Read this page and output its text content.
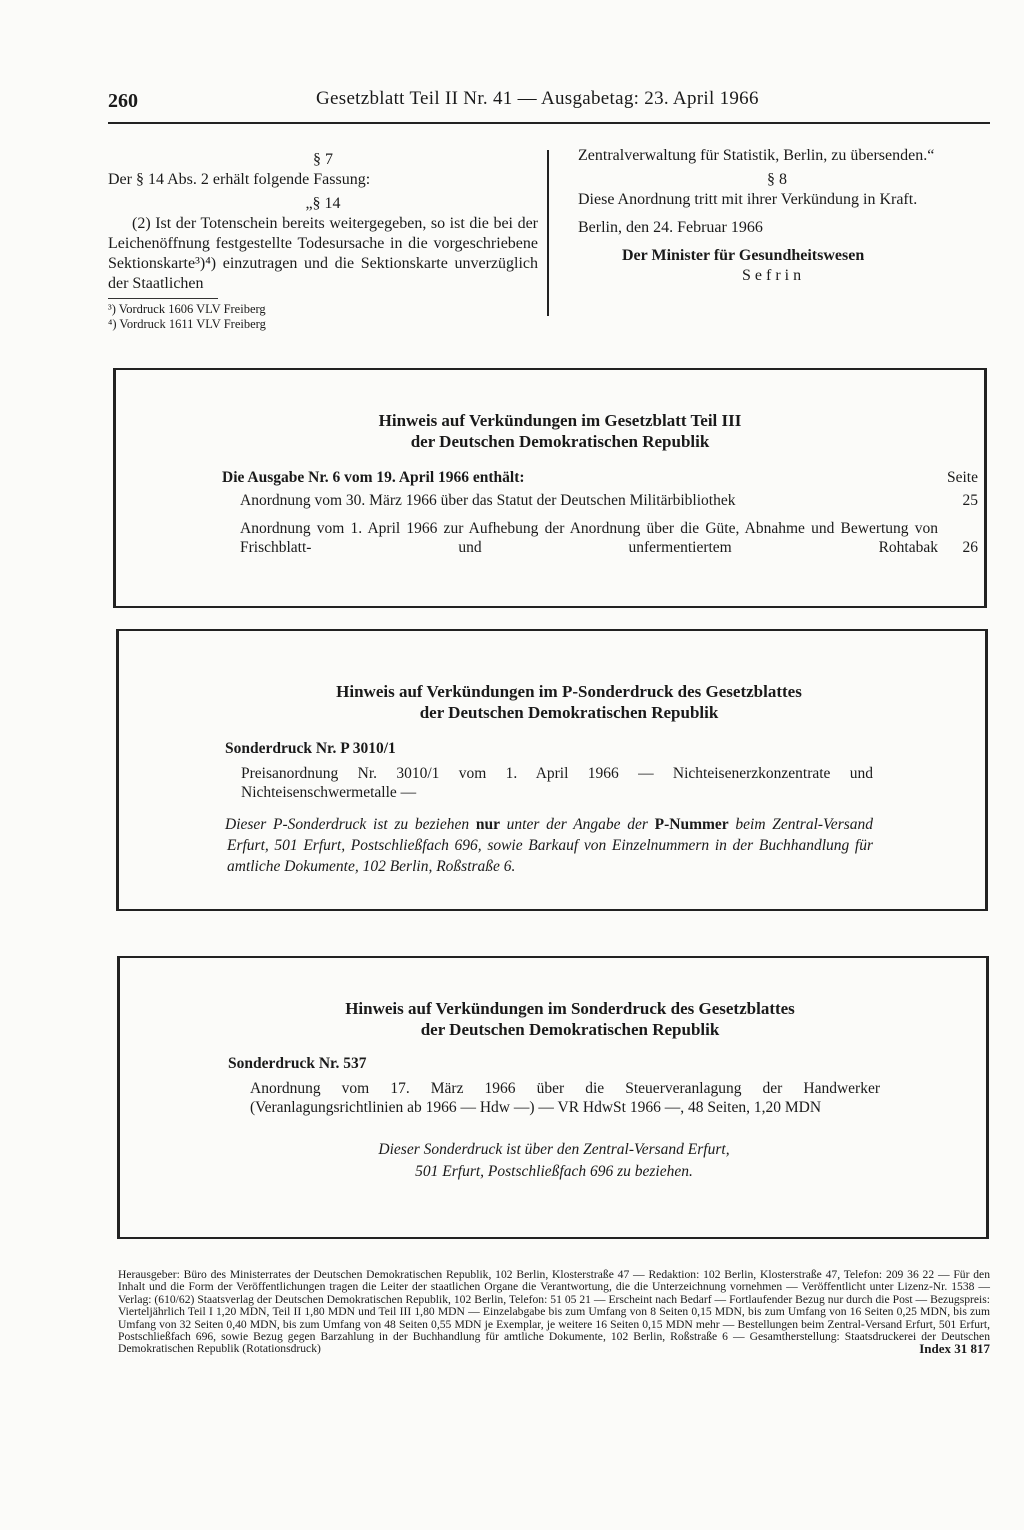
260	Gesetzblatt Teil II Nr. 41 — Ausgabetag: 23. April 1966
§ 7
Der § 14 Abs. 2 erhält folgende Fassung:
„§ 14
(2) Ist der Totenschein bereits weitergegeben, so ist die bei der Leichenöffnung festgestellte Todesursache in die vorgeschriebene Sektionskarte³)⁴) einzutragen und die Sektionskarte unverzüglich der Staatlichen
³) Vordruck 1606 VLV Freiberg
⁴) Vordruck 1611 VLV Freiberg
Zentralverwaltung für Statistik, Berlin, zu übersenden.“
§ 8
Diese Anordnung tritt mit ihrer Verkündung in Kraft.
Berlin, den 24. Februar 1966
Der Minister für Gesundheitswesen
Sefrin
Hinweis auf Verkündungen im Gesetzblatt Teil III
der Deutschen Demokratischen Republik
Die Ausgabe Nr. 6 vom 19. April 1966 enthält:	Seite
Anordnung vom 30. März 1966 über das Statut der Deutschen Militärbibliothek	25
Anordnung vom 1. April 1966 zur Aufhebung der Anordnung über die Güte, Abnahme und Bewertung von Frischblatt- und unfermentiertem Rohtabak	26
Hinweis auf Verkündungen im P-Sonderdruck des Gesetzblattes
der Deutschen Demokratischen Republik
Sonderdruck Nr. P 3010/1
Preisanordnung Nr. 3010/1 vom 1. April 1966 — Nichteisenerzkonzentrate und Nichteisenschwermetalle —
Dieser P-Sonderdruck ist zu beziehen nur unter der Angabe der P-Nummer beim Zentral-Versand Erfurt, 501 Erfurt, Postschließfach 696, sowie Barkauf von Einzelnummern in der Buchhandlung für amtliche Dokumente, 102 Berlin, Roßstraße 6.
Hinweis auf Verkündungen im Sonderdruck des Gesetzblattes
der Deutschen Demokratischen Republik
Sonderdruck Nr. 537
Anordnung vom 17. März 1966 über die Steuerveranlagung der Handwerker (Veranlagungsrichtlinien ab 1966 — Hdw —) — VR HdwSt 1966 —, 48 Seiten, 1,20 MDN
Dieser Sonderdruck ist über den Zentral-Versand Erfurt,
501 Erfurt, Postschließfach 696 zu beziehen.
Herausgeber: Büro des Ministerrates der Deutschen Demokratischen Republik, 102 Berlin, Klosterstraße 47 — Redaktion: 102 Berlin, Klosterstraße 47, Telefon: 209 36 22 — Für den Inhalt und die Form der Veröffentlichungen tragen die Leiter der staatlichen Organe die Verantwortung, die die Unterzeichnung vornehmen — Veröffentlicht unter Lizenz-Nr. 1538 — Verlag: (610/62) Staatsverlag der Deutschen Demokratischen Republik, 102 Berlin, Telefon: 51 05 21 — Erscheint nach Bedarf — Fortlaufender Bezug nur durch die Post — Bezugspreis: Vierteljährlich Teil I 1,20 MDN, Teil II 1,80 MDN und Teil III 1,80 MDN — Einzelabgabe bis zum Umfang von 8 Seiten 0,15 MDN, bis zum Umfang von 16 Seiten 0,25 MDN, bis zum Umfang von 32 Seiten 0,40 MDN, bis zum Umfang von 48 Seiten 0,55 MDN je Exemplar, je weitere 16 Seiten 0,15 MDN mehr — Bestellungen beim Zentral-Versand Erfurt, 501 Erfurt, Postschließfach 696, sowie Bezug gegen Barzahlung in der Buchhandlung für amtliche Dokumente, 102 Berlin, Roßstraße 6 — Gesamtherstellung: Staatsdruckerei der Deutschen Demokratischen Republik (Rotationsdruck)	Index 31 817
